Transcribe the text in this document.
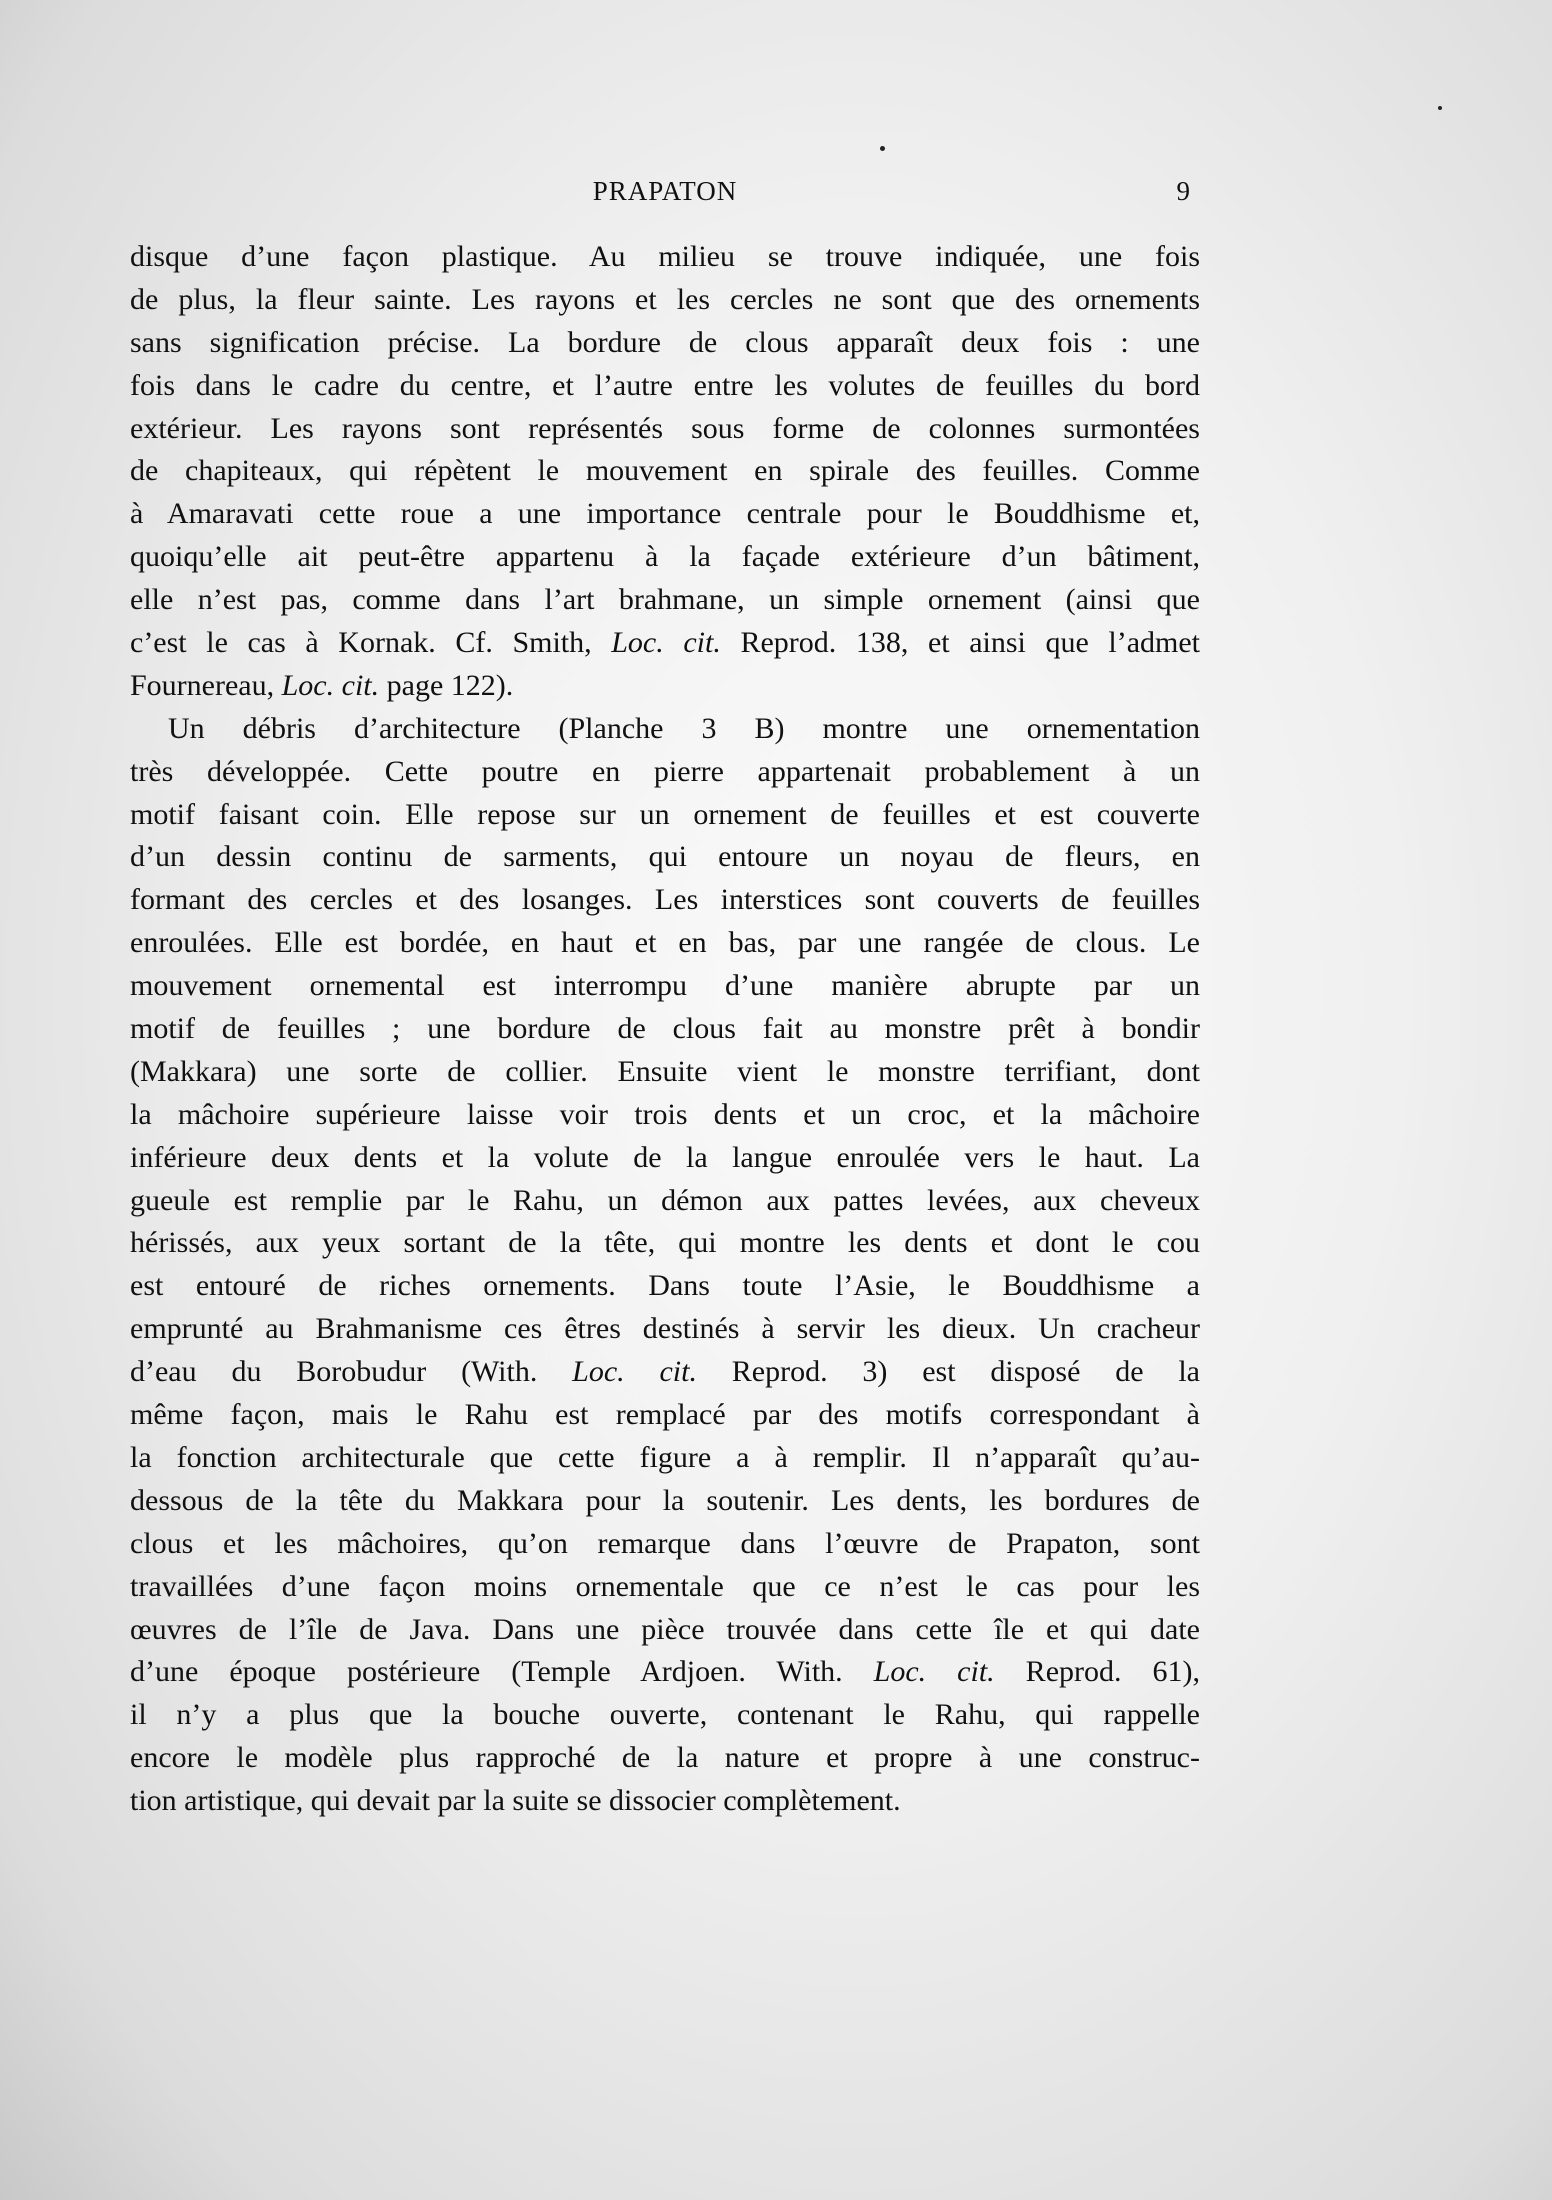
PRAPATON	9
disque d’une façon plastique. Au milieu se trouve indiquée, une fois
de plus, la fleur sainte. Les rayons et les cercles ne sont que des ornements
sans signification précise. La bordure de clous apparaît deux fois : une
fois dans le cadre du centre, et l’autre entre les volutes de feuilles du bord
extérieur. Les rayons sont représentés sous forme de colonnes surmontées
de chapiteaux, qui répètent le mouvement en spirale des feuilles. Comme
à Amaravati cette roue a une importance centrale pour le Bouddhisme et,
quoiqu’elle ait peut-être appartenu à la façade extérieure d’un bâtiment,
elle n’est pas, comme dans l’art brahmane, un simple ornement (ainsi que
c’est le cas à Kornak. Cf. Smith, Loc. cit. Reprod. 138, et ainsi que l’admet
Fournereau, Loc. cit. page 122).
Un débris d’architecture (Planche 3 B) montre une ornementation
très développée. Cette poutre en pierre appartenait probablement à un
motif faisant coin. Elle repose sur un ornement de feuilles et est couverte
d’un dessin continu de sarments, qui entoure un noyau de fleurs, en
formant des cercles et des losanges. Les interstices sont couverts de feuilles
enroulées. Elle est bordée, en haut et en bas, par une rangée de clous. Le
mouvement ornemental est interrompu d’une manière abrupte par un
motif de feuilles ; une bordure de clous fait au monstre prêt à bondir
(Makkara) une sorte de collier. Ensuite vient le monstre terrifiant, dont
la mâchoire supérieure laisse voir trois dents et un croc, et la mâchoire
inférieure deux dents et la volute de la langue enroulée vers le haut. La
gueule est remplie par le Rahu, un démon aux pattes levées, aux cheveux
hérissés, aux yeux sortant de la tête, qui montre les dents et dont le cou
est entouré de riches ornements. Dans toute l’Asie, le Bouddhisme a
emprunté au Brahmanisme ces êtres destinés à servir les dieux. Un cracheur
d’eau du Borobudur (With. Loc. cit. Reprod. 3) est disposé de la
même façon, mais le Rahu est remplacé par des motifs correspondant à
la fonction architecturale que cette figure a à remplir. Il n’apparaît qu’au-
dessous de la tête du Makkara pour la soutenir. Les dents, les bordures de
clous et les mâchoires, qu’on remarque dans l’œuvre de Prapaton, sont
travaillées d’une façon moins ornementale que ce n’est le cas pour les
œuvres de l’île de Java. Dans une pièce trouvée dans cette île et qui date
d’une époque postérieure (Temple Ardjoen. With. Loc. cit. Reprod. 61),
il n’y a plus que la bouche ouverte, contenant le Rahu, qui rappelle
encore le modèle plus rapproché de la nature et propre à une construc-
tion artistique, qui devait par la suite se dissocier complètement.
